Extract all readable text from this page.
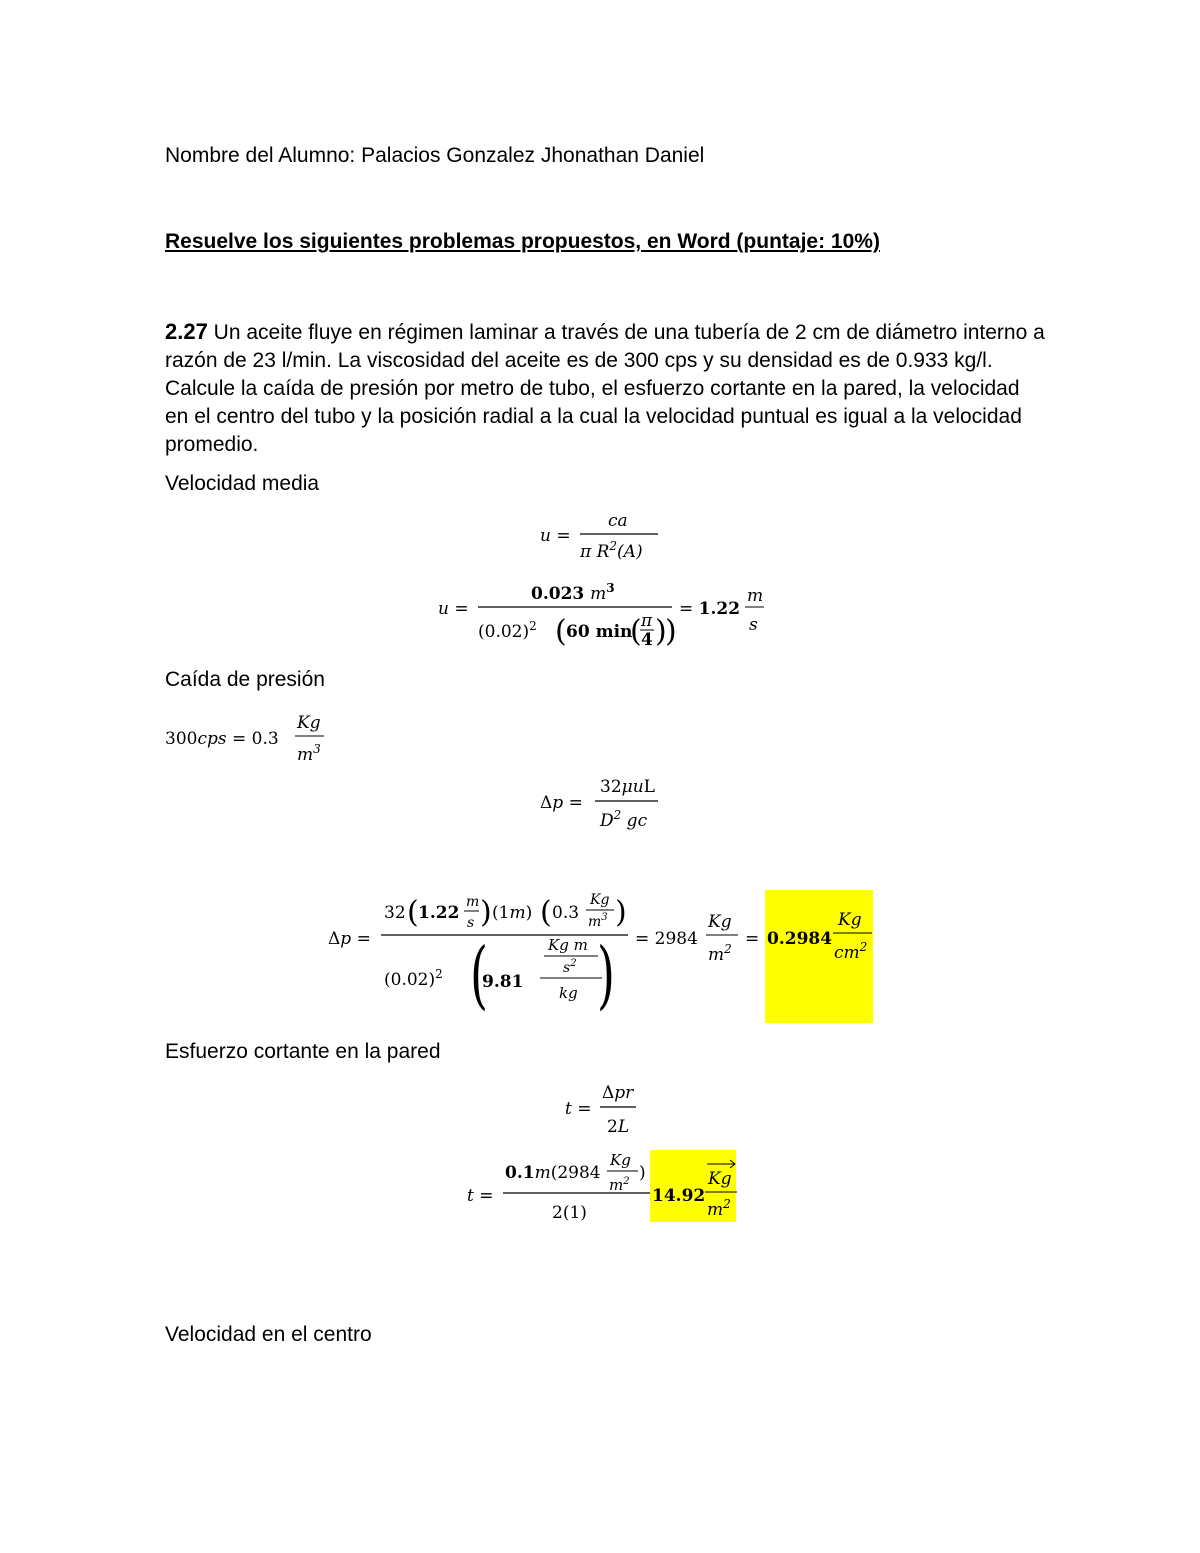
Nombre del Alumno: Palacios Gonzalez Jhonathan Daniel
Resuelve los siguientes problemas propuestos, en Word (puntaje: 10%)
2.27 Un aceite fluye en régimen laminar a través de una tubería de 2 cm de diámetro interno a razón de 23 l/min. La viscosidad del aceite es de 300 cps y su densidad es de 0.933 kg/l. Calcule la caída de presión por metro de tubo, el esfuerzo cortante en la pared, la velocidad en el centro del tubo y la posición radial a la cual la velocidad puntual es igual a la velocidad promedio.
Velocidad media
Caída de presión
Esfuerzo cortante en la pared
Velocidad en el centro
u =
ca
π $R^2(A)$
u =
0.023 $m^3$
$(0.02)^2$ ( 60 min
( π
4 )
)
= 1.22
m
s
300cps = 0.3
Kg
$m^3$
Δp =
32μuL
$D^2$ gc
Δp =
32 ( 1.22
m
s ) (1m) ( 0.3
Kg
$m^3$ )
$(0.02)^2$ (
9.81
Kg m
$s^2$
kg ) = 2984
Kg
$m^2 = 0.2984$
Kg
$cm^2$
t =
Δpr
2L
t =
0.1m(2984
Kg
$m^2$ )
2(1)
14.92
Kg
$m^2$
